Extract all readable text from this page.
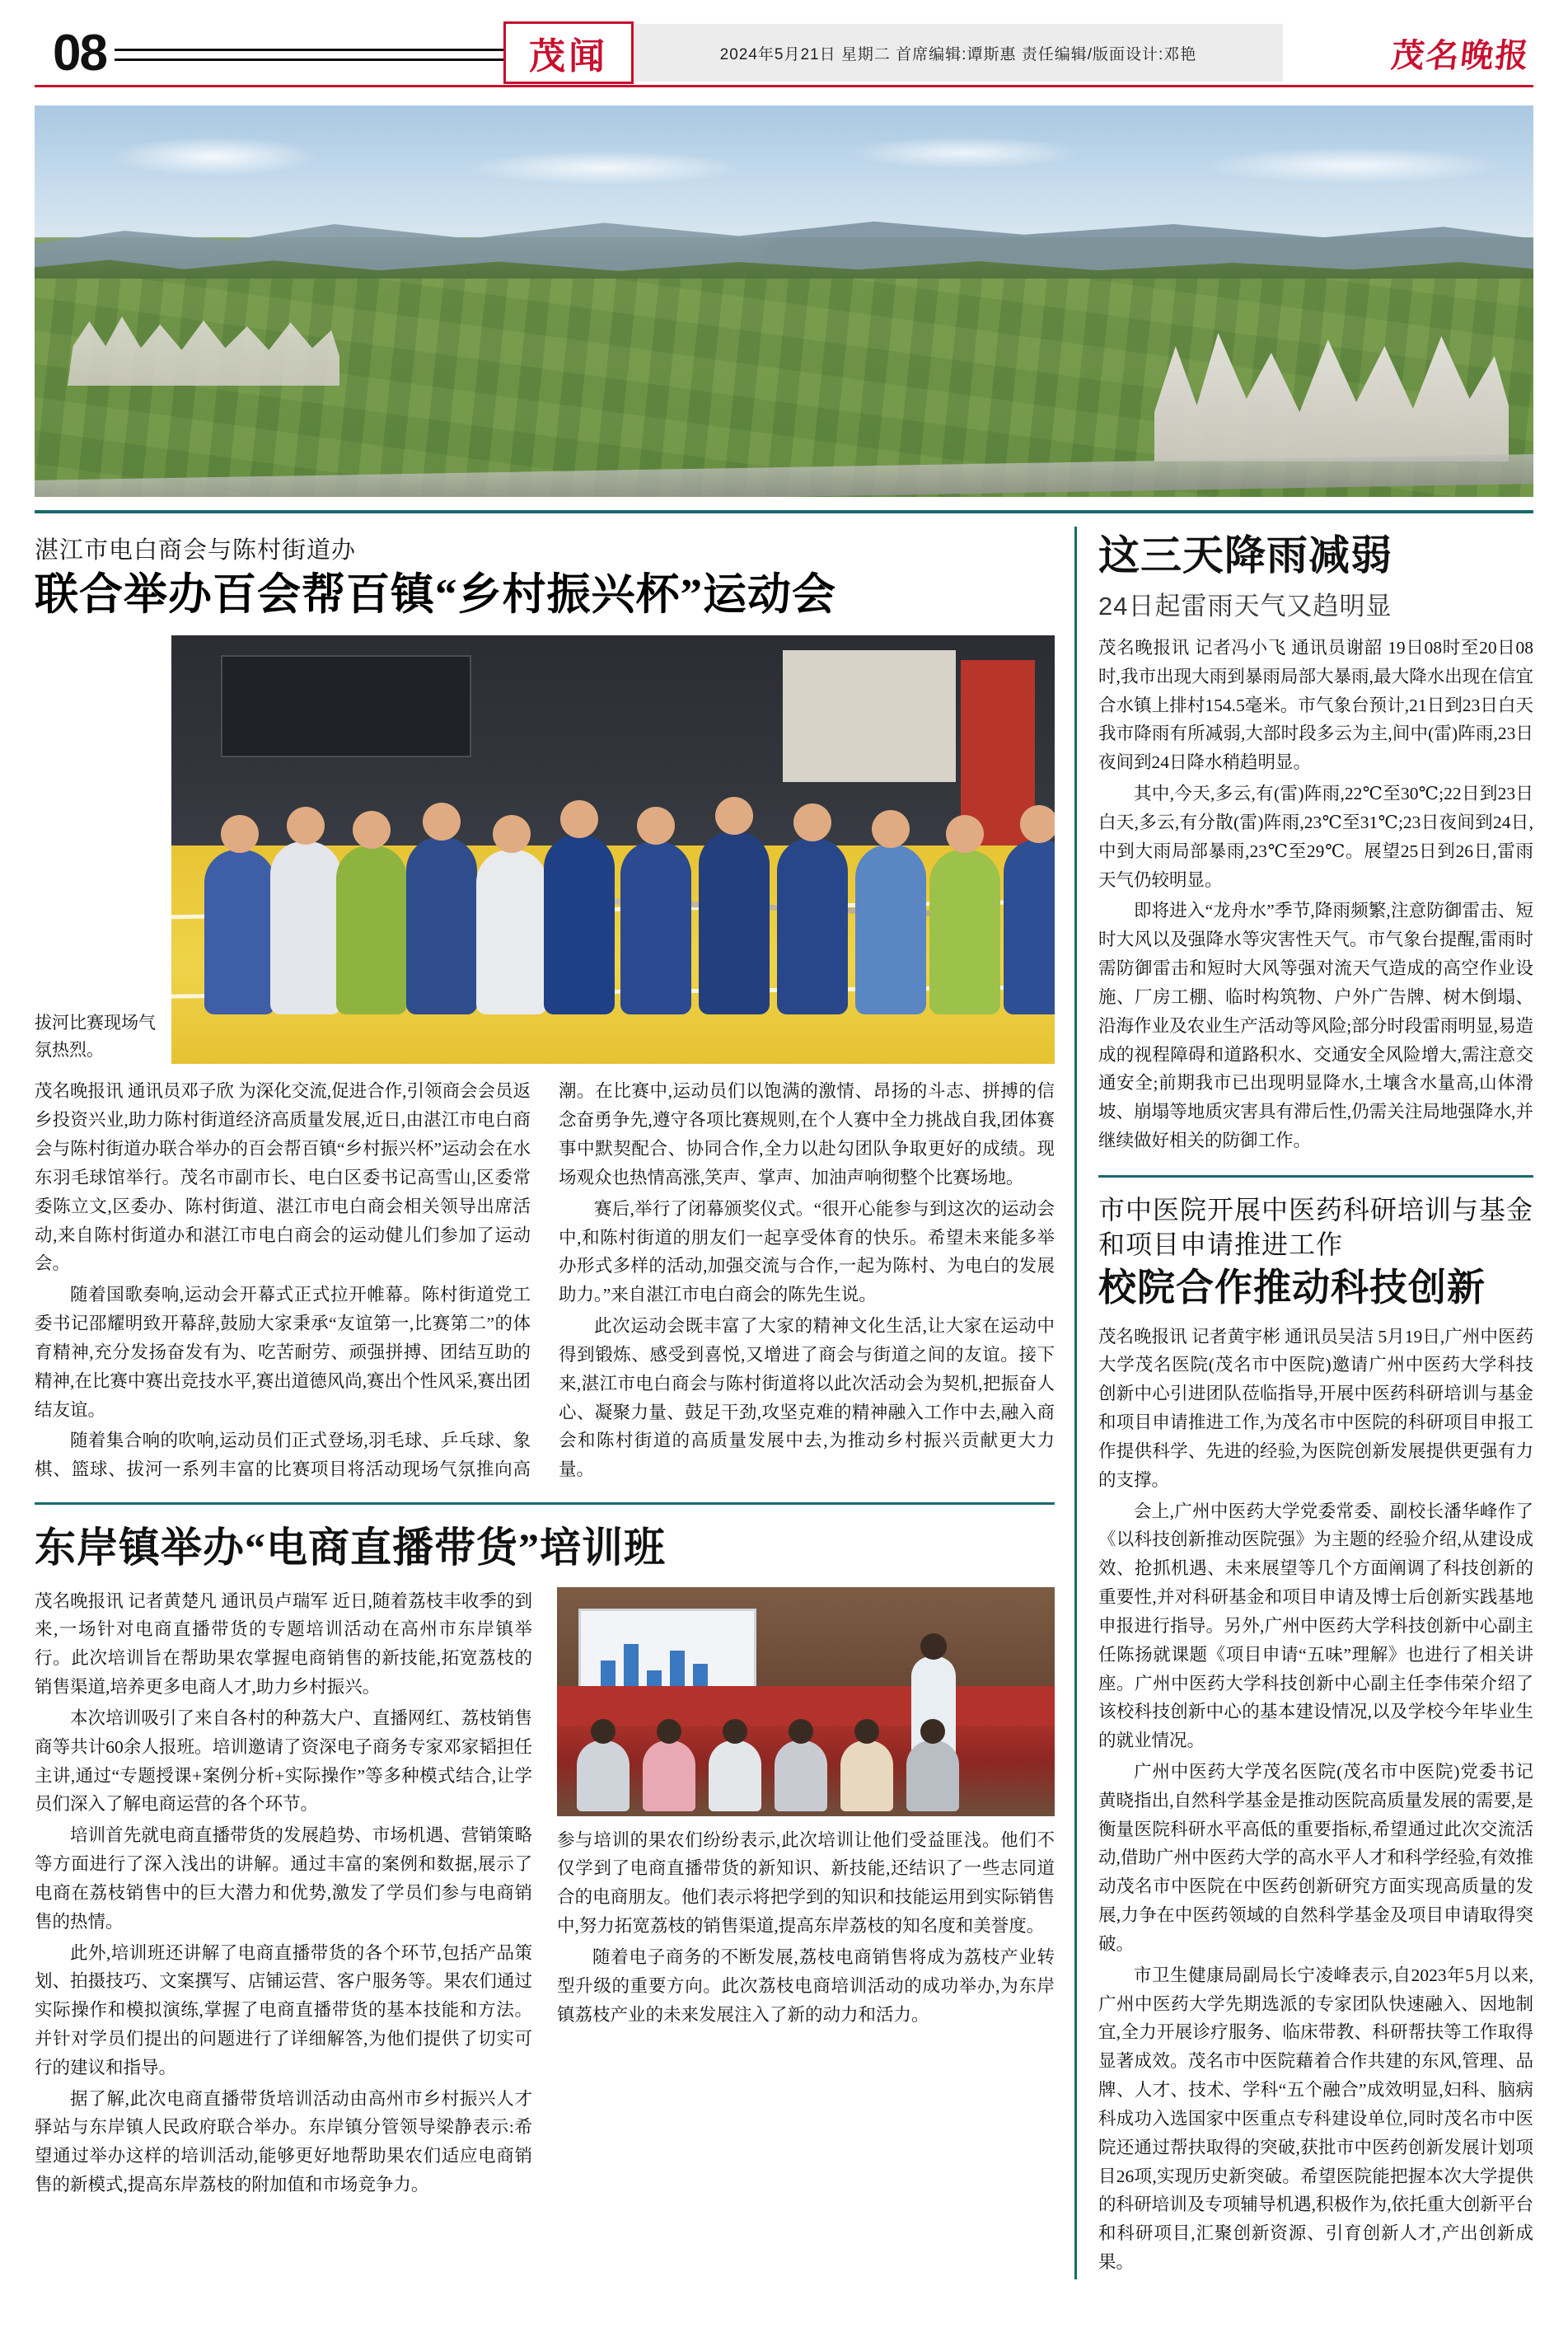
08	茂闻	2024年5月21日 星期二 首席编辑:谭斯惠 责任编辑/版面设计:邓艳	茂名晚报
湛江市电白商会与陈村街道办
联合举办百会帮百镇“乡村振兴杯”运动会
拔河比赛现场气氛热烈。

茂名晚报讯 通讯员邓子欣 为深化交流,促进合作,引领商会会员返乡投资兴业,助力陈村街道经济高质量发展,近日,由湛江市电白商会与陈村街道办联合举办的百会帮百镇“乡村振兴杯”运动会在水东羽毛球馆举行。茂名市副市长、电白区委书记高雪山,区委常委陈立文,区委办、陈村街道、湛江市电白商会相关领导出席活动,来自陈村街道办和湛江市电白商会的运动健儿们参加了运动会。

随着国歌奏响,运动会开幕式正式拉开帷幕。陈村街道党工委书记邵耀明致开幕辞,鼓励大家秉承“友谊第一,比赛第二”的体育精神,充分发扬奋发有为、吃苦耐劳、顽强拼搏、团结互助的精神,在比赛中赛出竞技水平,赛出道德风尚,赛出个性风采,赛出团结友谊。

随着集合响的吹响,运动员们正式登场,羽毛球、乒乓球、象棋、篮球、拔河一系列丰富的比赛项目将活动现场气氛推向高潮。在比赛中,运动员们以饱满的激情、昂扬的斗志、拼搏的信念奋勇争先,遵守各项比赛规则,在个人赛中全力挑战自我,团体赛事中默契配合、协同合作,全力以赴勾团队争取更好的成绩。现场观众也热情高涨,笑声、掌声、加油声响彻整个比赛场地。

赛后,举行了闭幕颁奖仪式。“很开心能参与到这次的运动会中,和陈村街道的朋友们一起享受体育的快乐。希望未来能多举办形式多样的活动,加强交流与合作,一起为陈村、为电白的发展助力。”来自湛江市电白商会的陈先生说。

此次运动会既丰富了大家的精神文化生活,让大家在运动中得到锻炼、感受到喜悦,又增进了商会与街道之间的友谊。接下来,湛江市电白商会与陈村街道将以此次活动会为契机,把振奋人心、凝聚力量、鼓足干劲,攻坚克难的精神融入工作中去,融入商会和陈村街道的高质量发展中去,为推动乡村振兴贡献更大力量。

东岸镇举办“电商直播带货”培训班

茂名晚报讯 记者黄楚凡 通讯员卢瑞军 近日,随着荔枝丰收季的到来,一场针对电商直播带货的专题培训活动在高州市东岸镇举行。此次培训旨在帮助果农掌握电商销售的新技能,拓宽荔枝的销售渠道,培养更多电商人才,助力乡村振兴。

本次培训吸引了来自各村的种荔大户、直播网红、荔枝销售商等共计60余人报班。培训邀请了资深电子商务专家邓家韬担任主讲,通过“专题授课+案例分析+实际操作”等多种模式结合,让学员们深入了解电商运营的各个环节。

培训首先就电商直播带货的发展趋势、市场机遇、营销策略等方面进行了深入浅出的讲解。通过丰富的案例和数据,展示了电商在荔枝销售中的巨大潜力和优势,激发了学员们参与电商销售的热情。

此外,培训班还讲解了电商直播带货的各个环节,包括产品策划、拍摄技巧、文案撰写、店铺运营、客户服务等。果农们通过实际操作和模拟演练,掌握了电商直播带货的基本技能和方法。并针对学员们提出的问题进行了详细解答,为他们提供了切实可行的建议和指导。

据了解,此次电商直播带货培训活动由高州市乡村振兴人才驿站与东岸镇人民政府联合举办。东岸镇分管领导梁静表示:希望通过举办这样的培训活动,能够更好地帮助果农们适应电商销售的新模式,提高东岸荔枝的附加值和市场竞争力。

参与培训的果农们纷纷表示,此次培训让他们受益匪浅。他们不仅学到了电商直播带货的新知识、新技能,还结识了一些志同道合的电商朋友。他们表示将把学到的知识和技能运用到实际销售中,努力拓宽荔枝的销售渠道,提高东岸荔枝的知名度和美誉度。

随着电子商务的不断发展,荔枝电商销售将成为荔枝产业转型升级的重要方向。此次荔枝电商培训活动的成功举办,为东岸镇荔枝产业的未来发展注入了新的动力和活力。

这三天降雨减弱
24日起雷雨天气又趋明显

茂名晚报讯 记者冯小飞 通讯员谢韶 19日08时至20日08时,我市出现大雨到暴雨局部大暴雨,最大降水出现在信宜合水镇上排村154.5毫米。市气象台预计,21日到23日白天我市降雨有所减弱,大部时段多云为主,间中(雷)阵雨,23日夜间到24日降水稍趋明显。

其中,今天,多云,有(雷)阵雨,22℃至30℃;22日到23日白天,多云,有分散(雷)阵雨,23℃至31℃;23日夜间到24日,中到大雨局部暴雨,23℃至29℃。展望25日到26日,雷雨天气仍较明显。

即将进入“龙舟水”季节,降雨频繁,注意防御雷击、短时大风以及强降水等灾害性天气。市气象台提醒,雷雨时需防御雷击和短时大风等强对流天气造成的高空作业设施、厂房工棚、临时构筑物、户外广告牌、树木倒塌、沿海作业及农业生产活动等风险;部分时段雷雨明显,易造成的视程障碍和道路积水、交通安全风险增大,需注意交通安全;前期我市已出现明显降水,土壤含水量高,山体滑坡、崩塌等地质灾害具有滞后性,仍需关注局地强降水,并继续做好相关的防御工作。

市中医院开展中医药科研培训与基金和项目申请推进工作
校院合作推动科技创新

茂名晚报讯 记者黄宇彬 通讯员吴洁 5月19日,广州中医药大学茂名医院(茂名市中医院)邀请广州中医药大学科技创新中心引进团队莅临指导,开展中医药科研培训与基金和项目申请推进工作,为茂名市中医院的科研项目申报工作提供科学、先进的经验,为医院创新发展提供更强有力的支撑。

会上,广州中医药大学党委常委、副校长潘华峰作了《以科技创新推动医院强》为主题的经验介绍,从建设成效、抢抓机遇、未来展望等几个方面阐调了科技创新的重要性,并对科研基金和项目申请及博士后创新实践基地申报进行指导。另外,广州中医药大学科技创新中心副主任陈扬就课题《项目申请“五味”理解》也进行了相关讲座。广州中医药大学科技创新中心副主任李伟荣介绍了该校科技创新中心的基本建设情况,以及学校今年毕业生的就业情况。

广州中医药大学茂名医院(茂名市中医院)党委书记黄晓指出,自然科学基金是推动医院高质量发展的需要,是衡量医院科研水平高低的重要指标,希望通过此次交流活动,借助广州中医药大学的高水平人才和科学经验,有效推动茂名市中医院在中医药创新研究方面实现高质量的发展,力争在中医药领域的自然科学基金及项目申请取得突破。

市卫生健康局副局长宁凌峰表示,自2023年5月以来,广州中医药大学先期选派的专家团队快速融入、因地制宜,全力开展诊疗服务、临床带教、科研帮扶等工作取得显著成效。茂名市中医院藉着合作共建的东风,管理、品牌、人才、技术、学科“五个融合”成效明显,妇科、脑病科成功入选国家中医重点专科建设单位,同时茂名市中医院还通过帮扶取得的突破,获批市中医药创新发展计划项目26项,实现历史新突破。希望医院能把握本次大学提供的科研培训及专项辅导机遇,积极作为,依托重大创新平台和科研项目,汇聚创新资源、引育创新人才,产出创新成果。
